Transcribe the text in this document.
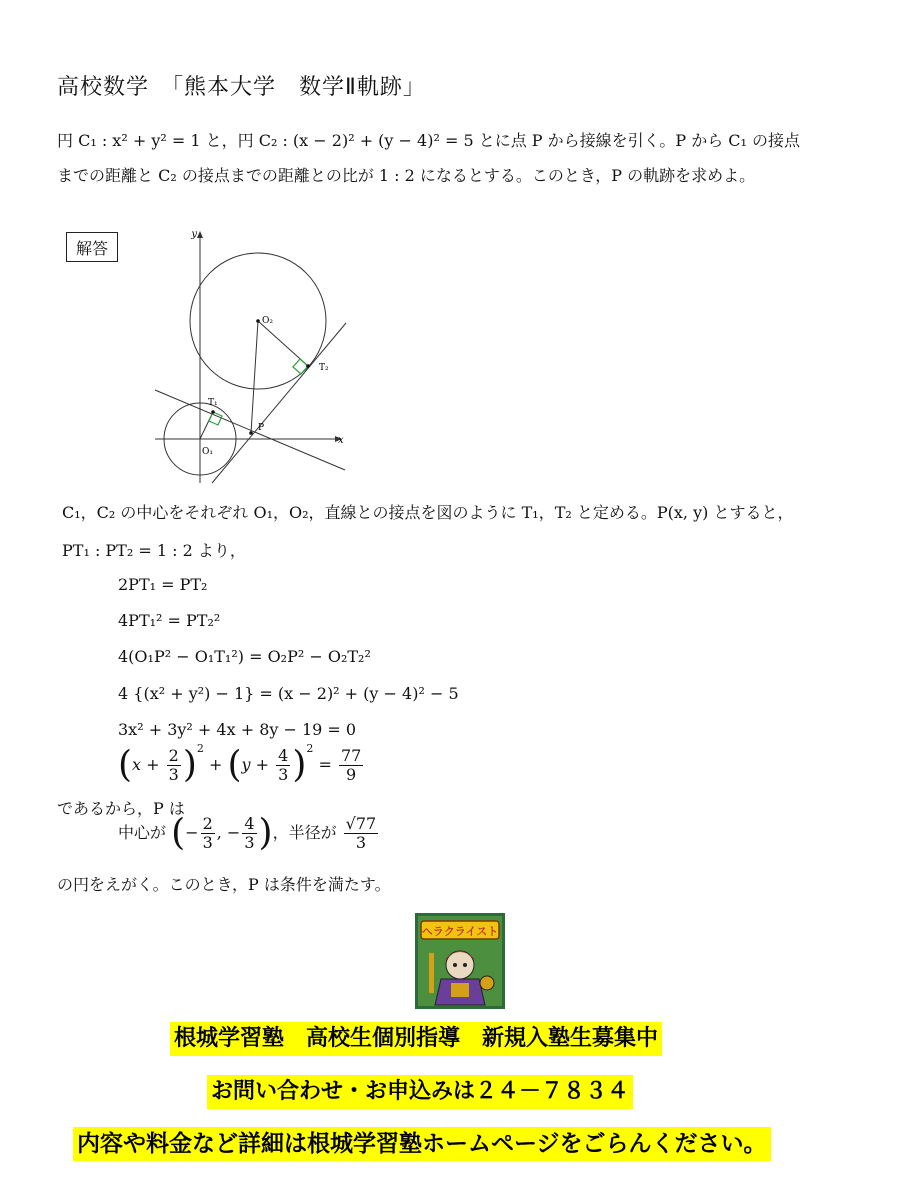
高校数学　「熊本大学　数学Ⅱ軌跡」
円 C₁ : x² + y² = 1 と，円 C₂ : (x − 2)² + (y − 4)² = 5 とに点 P から接線を引く。P から C₁ の接点
までの距離と C₂ の接点までの距離との比が 1 : 2 になるとする。このとき，P の軌跡を求めよ。
解答
y
x
O₂
T₁
T₂
P
O₁
C₁，C₂ の中心をそれぞれ O₁，O₂，直線との接点を図のように T₁，T₂ と定める。P(x, y) とすると，
PT₁ : PT₂ = 1 : 2 より，
2PT₁ = PT₂
4PT₁² = PT₂²
4(O₁P² − O₁T₁²) = O₂P² − O₂T₂²
4 {(x² + y²) − 1} = (x − 2)² + (y − 4)² − 5
3x² + 3y² + 4x + 8y − 19 = 0
$(x + \frac{2}{3} )^2 + (y + \frac{4}{3} )^2 = \frac{77}{9}$
であるから，P は
中心が (− $\frac{2}{3}$ , − $\frac{4}{3}$ )，半径が $\frac{√77}{3}$
の円をえがく。このとき，P は条件を満たす。
ヘラクライスト
根城学習塾　高校生個別指導　新規入塾生募集中
お問い合わせ・お申込みは２４－７８３４
内容や料金など詳細は根城学習塾ホームページをごらんください。
